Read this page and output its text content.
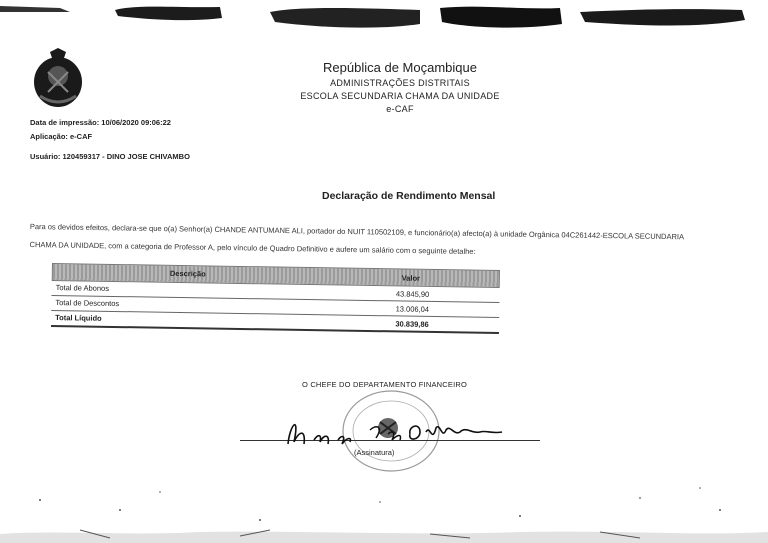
República de Moçambique
ADMINISTRAÇÕES DISTRITAIS
ESCOLA SECUNDARIA CHAMA DA UNIDADE
e-CAF
Data de impressão: 10/06/2020 09:06:22
Aplicação: e-CAF
Usuário: 120459317 - DINO JOSE CHIVAMBO
Declaração de Rendimento Mensal
Para os devidos efeitos, declara-se que o(a) Senhor(a) CHANDE ANTUMANE ALI, portador do NUIT 110502109, e funcionário(a) afecto(a) à unidade Orgânica 04C261442-ESCOLA SECUNDARIA
CHAMA DA UNIDADE, com a categoria de Professor A, pelo vínculo de Quadro Definitivo e aufere um salário com o seguinte detalhe:
Descrição	Valor
Total de Abonos
43.845,90
Total de Descontos
13.006,04
Total Líquido
30.839,86
O CHEFE DO DEPARTAMENTO FINANCEIRO
(Assinatura)
